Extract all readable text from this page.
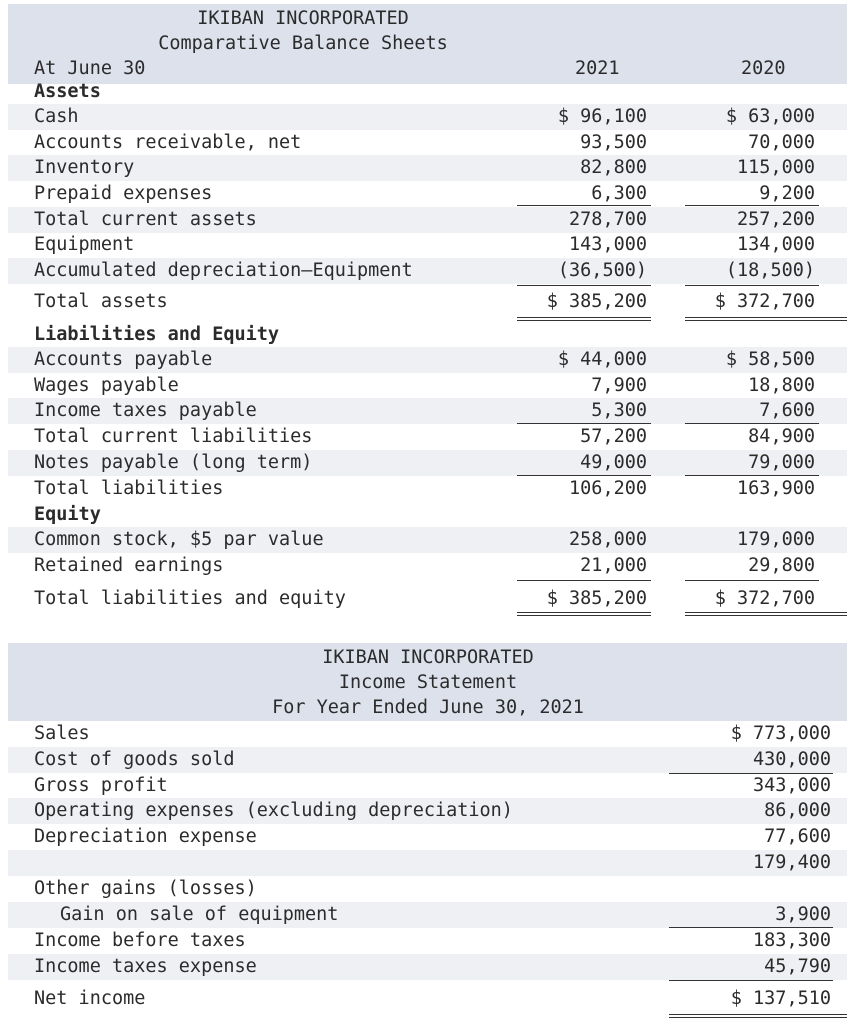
IKIBAN INCORPORATED
Comparative Balance Sheets
At June 30	2021	2020
Assets
Cash	$ 96,100	$ 63,000
Accounts receivable, net	93,500	70,000
Inventory	82,800	115,000
Prepaid expenses	6,300	9,200
Total current assets	278,700	257,200
Equipment	143,000	134,000
Accumulated depreciation—Equipment	(36,500)	(18,500)
Total assets	$ 385,200	$ 372,700
Liabilities and Equity
Accounts payable	$ 44,000	$ 58,500
Wages payable	7,900	18,800
Income taxes payable	5,300	7,600
Total current liabilities	57,200	84,900
Notes payable (long term)	49,000	79,000
Total liabilities	106,200	163,900
Equity
Common stock, $5 par value	258,000	179,000
Retained earnings	21,000	29,800
Total liabilities and equity	$ 385,200	$ 372,700
IKIBAN INCORPORATED
Income Statement
For Year Ended June 30, 2021
Sales	$ 773,000
Cost of goods sold	430,000
Gross profit	343,000
Operating expenses (excluding depreciation)	86,000
Depreciation expense	77,600
179,400
Other gains (losses)
Gain on sale of equipment	3,900
Income before taxes	183,300
Income taxes expense	45,790
Net income	$ 137,510
